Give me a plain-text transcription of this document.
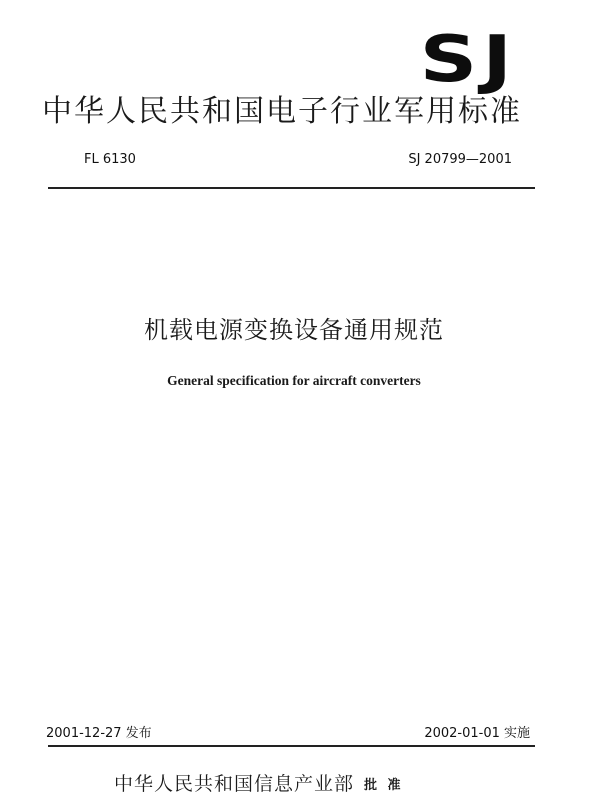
SJ
中华人民共和国电子行业军用标准
FL 6130	SJ 20799—2001
机载电源变换设备通用规范
General specification for aircraft converters
2001-12-27 发布	2002-01-01 实施
中华人民共和国信息产业部 批 准
